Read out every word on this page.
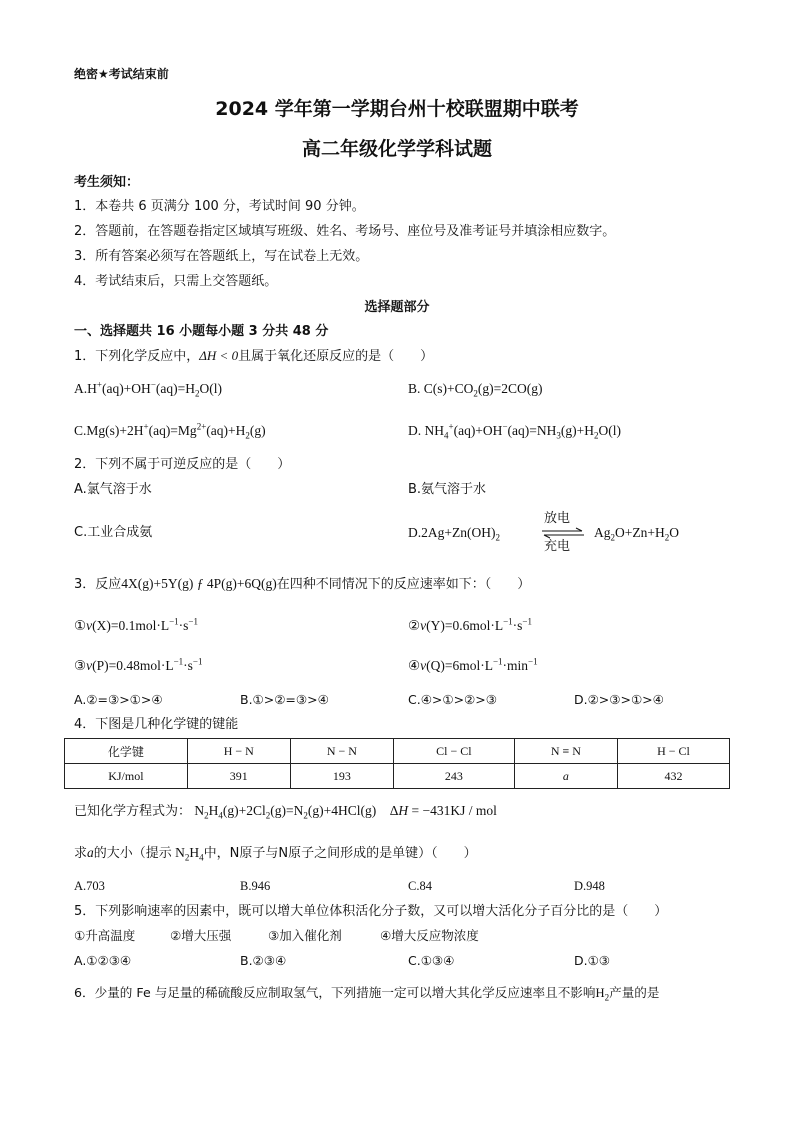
绝密★考试结束前
2024 学年第一学期台州十校联盟期中联考
高二年级化学学科试题
考生须知：
1．本卷共 6 页满分 100 分，考试时间 90 分钟。
2．答题前，在答题卷指定区域填写班级、姓名、考场号、座位号及准考证号并填涂相应数字。
3．所有答案必须写在答题纸上，写在试卷上无效。
4．考试结束后，只需上交答题纸。
选择题部分
一、选择题共 16 小题每小题 3 分共 48 分
1．下列化学反应中，ΔH < 0且属于氧化还原反应的是（　　）
$A.H^+(aq)+OH^-(aq)=H_2O(l)$	B. $C(s)+CO_2(g)=2CO(g)$
$C.Mg(s)+2H^+(aq)=Mg^{2+}(aq)+H_2(g)$	D. $NH_4^+(aq)+OH^-(aq)=NH_3(g)+H_2O(l)$
2．下列不属于可逆反应的是（　　）
A.氯气溶于水	B.氨气溶于水
C.工业合成氨	$D.2Ag+Zn(OH)_2$
放电
充电
$Ag_2O+Zn+H_2O$
3．反应4X(g)+5Y(g) ƒ 4P(g)+6Q(g)在四种不同情况下的反应速率如下：（　　）
$①v(X)=0.1mol\cdot L^{-1}\cdot s^{-1}$	$②v(Y)=0.6mol\cdot L^{-1}\cdot s^{-1}$
$③v(P)=0.48mol\cdot L^{-1}\cdot s^{-1}$	$④v(Q)=6mol\cdot L^{-1}\cdot\min^{-1}$
A.②=③>①>④	B.①>②=③>④	C.④>①>②>③	D.②>③>①>④
4．下图是几种化学键的键能
化学键	H − N	N − N	Cl − Cl	N ≡ N	H − Cl
KJ/mol	391	193	243	a	432
已知化学方程式为： $N_2H_4(g)+2Cl_2(g)=N_2(g)+4HCl(g)$    ΔH = −431KJ / mol
求a的大小（提示 $N_2H_4$中，N原子与N原子之间形成的是单键）（　　）
A.703	B.946	C.84	D.948
5．下列影响速率的因素中，既可以增大单位体积活化分子数，又可以增大活化分子百分比的是（　　）
①升高温度	②增大压强	③加入催化剂	④增大反应物浓度
A.①②③④	B.②③④	C.①③④	D.①③
6．少量的 Fe 与足量的稀硫酸反应制取氢气，下列措施一定可以增大其化学反应速率且不影响$H_2$产量的是
